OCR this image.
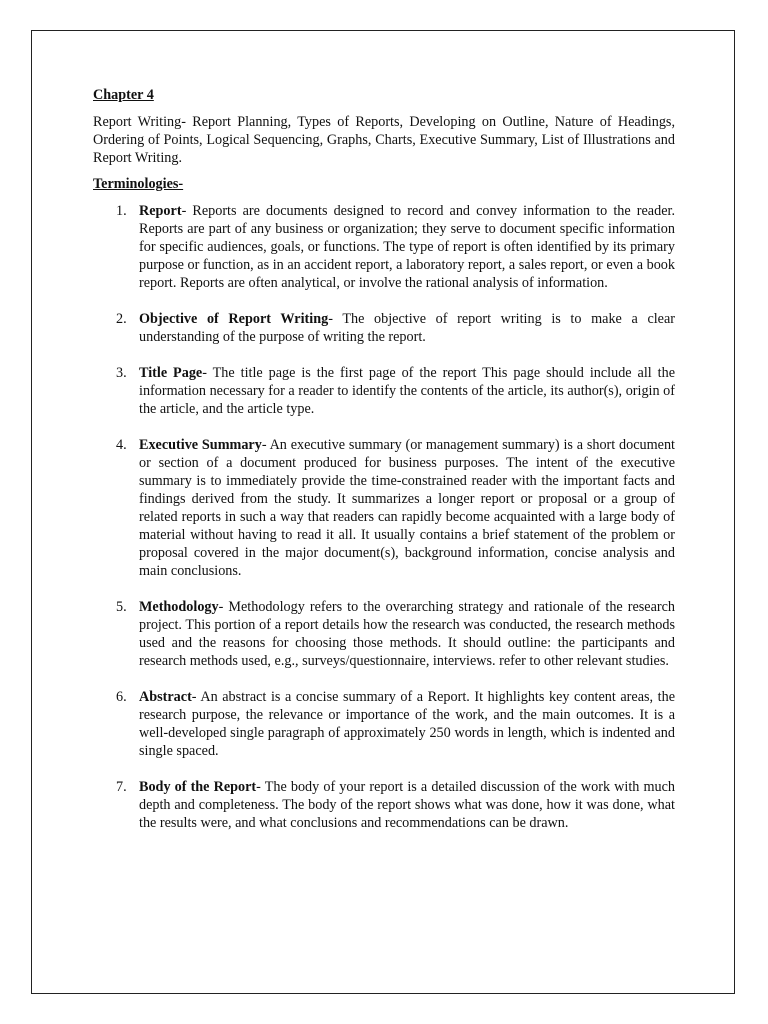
Chapter 4

Report Writing- Report Planning, Types of Reports, Developing on Outline, Nature of Headings, Ordering of Points, Logical Sequencing, Graphs, Charts, Executive Summary, List of Illustrations and Report Writing.

Terminologies-

1. Report- Reports are documents designed to record and convey information to the reader. Reports are part of any business or organization; they serve to document specific information for specific audiences, goals, or functions. The type of report is often identified by its primary purpose or function, as in an accident report, a laboratory report, a sales report, or even a book report. Reports are often analytical, or involve the rational analysis of information.
2. Objective of Report Writing- The objective of report writing is to make a clear understanding of the purpose of writing the report.
3. Title Page- The title page is the first page of the report This page should include all the information necessary for a reader to identify the contents of the article, its author(s), origin of the article, and the article type.
4. Executive Summary- An executive summary (or management summary) is a short document or section of a document produced for business purposes. The intent of the executive summary is to immediately provide the time-constrained reader with the important facts and findings derived from the study. It summarizes a longer report or proposal or a group of related reports in such a way that readers can rapidly become acquainted with a large body of material without having to read it all. It usually contains a brief statement of the problem or proposal covered in the major document(s), background information, concise analysis and main conclusions.
5. Methodology- Methodology refers to the overarching strategy and rationale of the research project. This portion of a report details how the research was conducted, the research methods used and the reasons for choosing those methods. It should outline: the participants and research methods used, e.g., surveys/questionnaire, interviews. refer to other relevant studies.
6. Abstract- An abstract is a concise summary of a Report. It highlights key content areas, the research purpose, the relevance or importance of the work, and the main outcomes. It is a well-developed single paragraph of approximately 250 words in length, which is indented and single spaced.
7. Body of the Report- The body of your report is a detailed discussion of the work with much depth and completeness. The body of the report shows what was done, how it was done, what the results were, and what conclusions and recommendations can be drawn.
